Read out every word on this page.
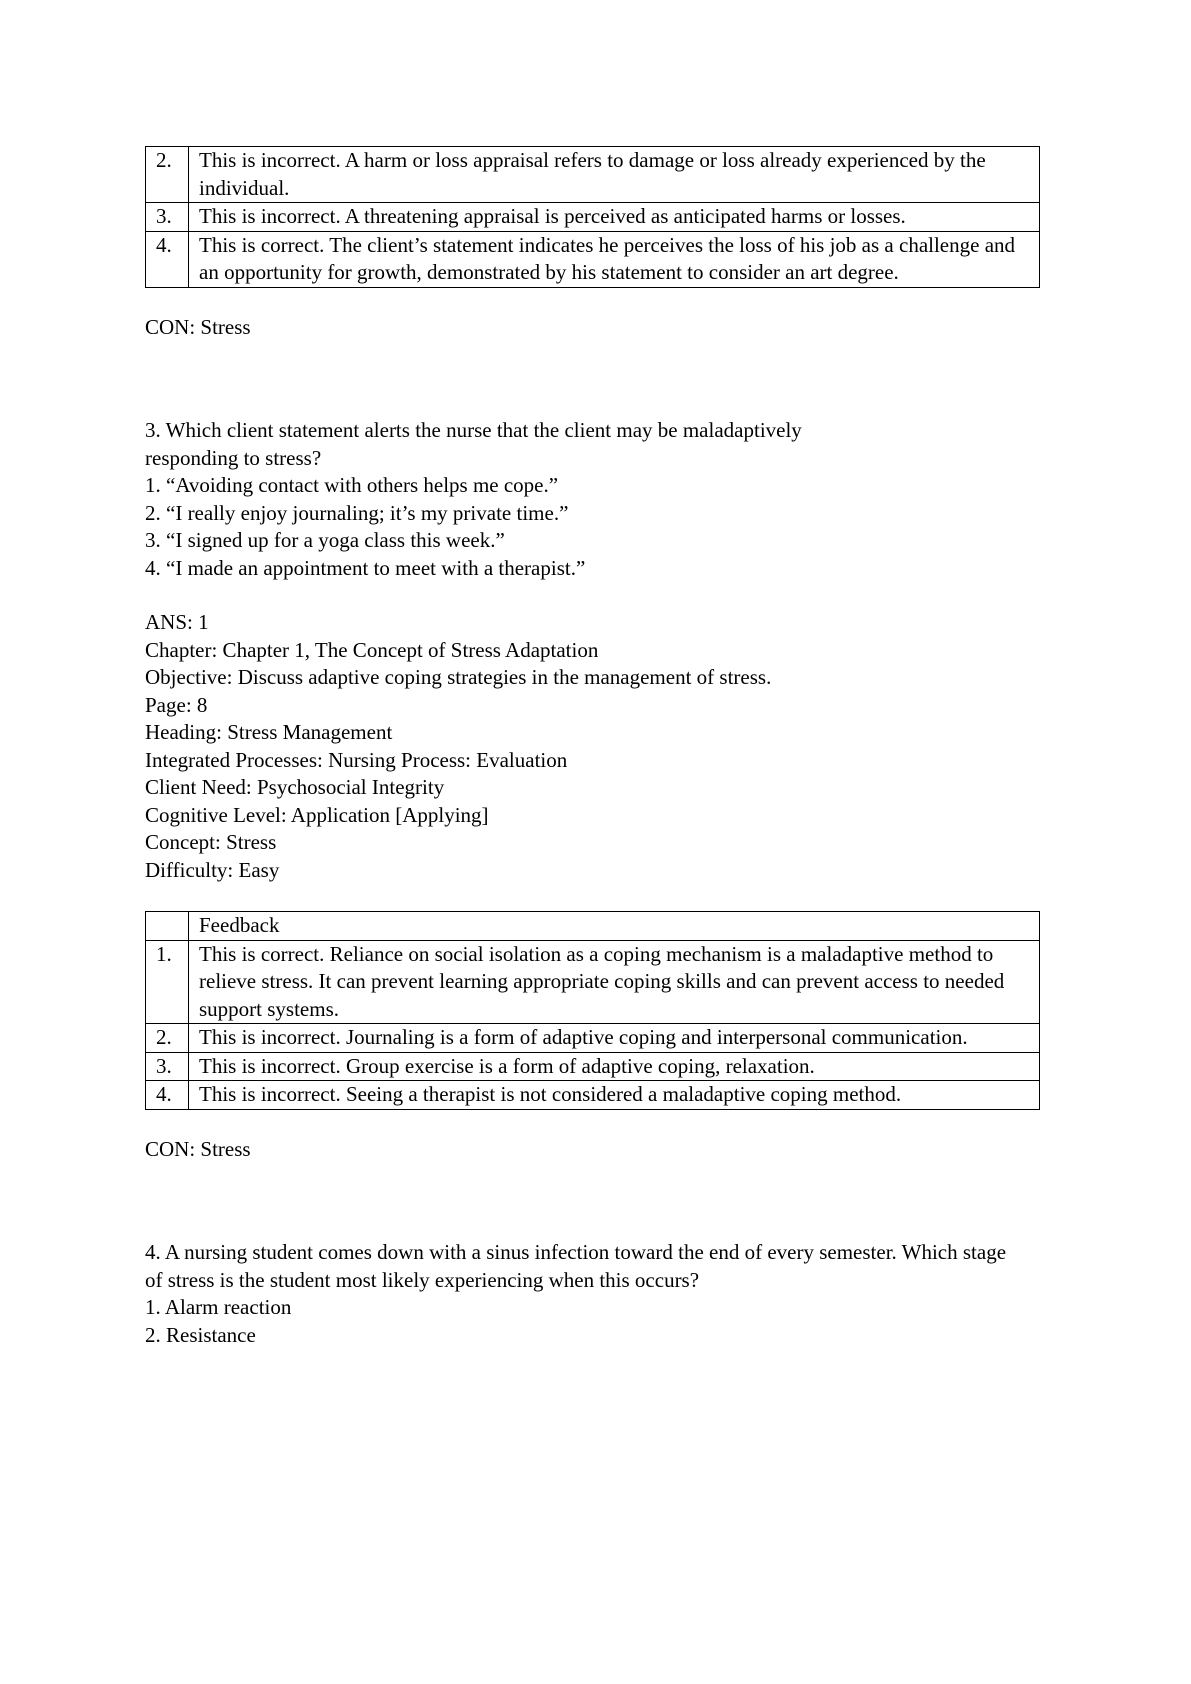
2.	This is incorrect. A harm or loss appraisal refers to damage or loss already experienced by the individual.
3.	This is incorrect. A threatening appraisal is perceived as anticipated harms or losses.
4.	This is correct. The client’s statement indicates he perceives the loss of his job as a challenge and an opportunity for growth, demonstrated by his statement to consider an art degree.
CON: Stress
3. Which client statement alerts the nurse that the client may be maladaptively responding to stress?
1. “Avoiding contact with others helps me cope.”
2. “I really enjoy journaling; it’s my private time.”
3. “I signed up for a yoga class this week.”
4. “I made an appointment to meet with a therapist.”
ANS: 1
Chapter: Chapter 1, The Concept of Stress Adaptation
Objective: Discuss adaptive coping strategies in the management of stress.
Page: 8
Heading: Stress Management
Integrated Processes: Nursing Process: Evaluation
Client Need: Psychosocial Integrity
Cognitive Level: Application [Applying]
Concept: Stress
Difficulty: Easy
	Feedback
1.	This is correct. Reliance on social isolation as a coping mechanism is a maladaptive method to relieve stress. It can prevent learning appropriate coping skills and can prevent access to needed support systems.
2.	This is incorrect. Journaling is a form of adaptive coping and interpersonal communication.
3.	This is incorrect. Group exercise is a form of adaptive coping, relaxation.
4.	This is incorrect. Seeing a therapist is not considered a maladaptive coping method.
CON: Stress
4. A nursing student comes down with a sinus infection toward the end of every semester. Which stage of stress is the student most likely experiencing when this occurs?
1. Alarm reaction
2. Resistance
